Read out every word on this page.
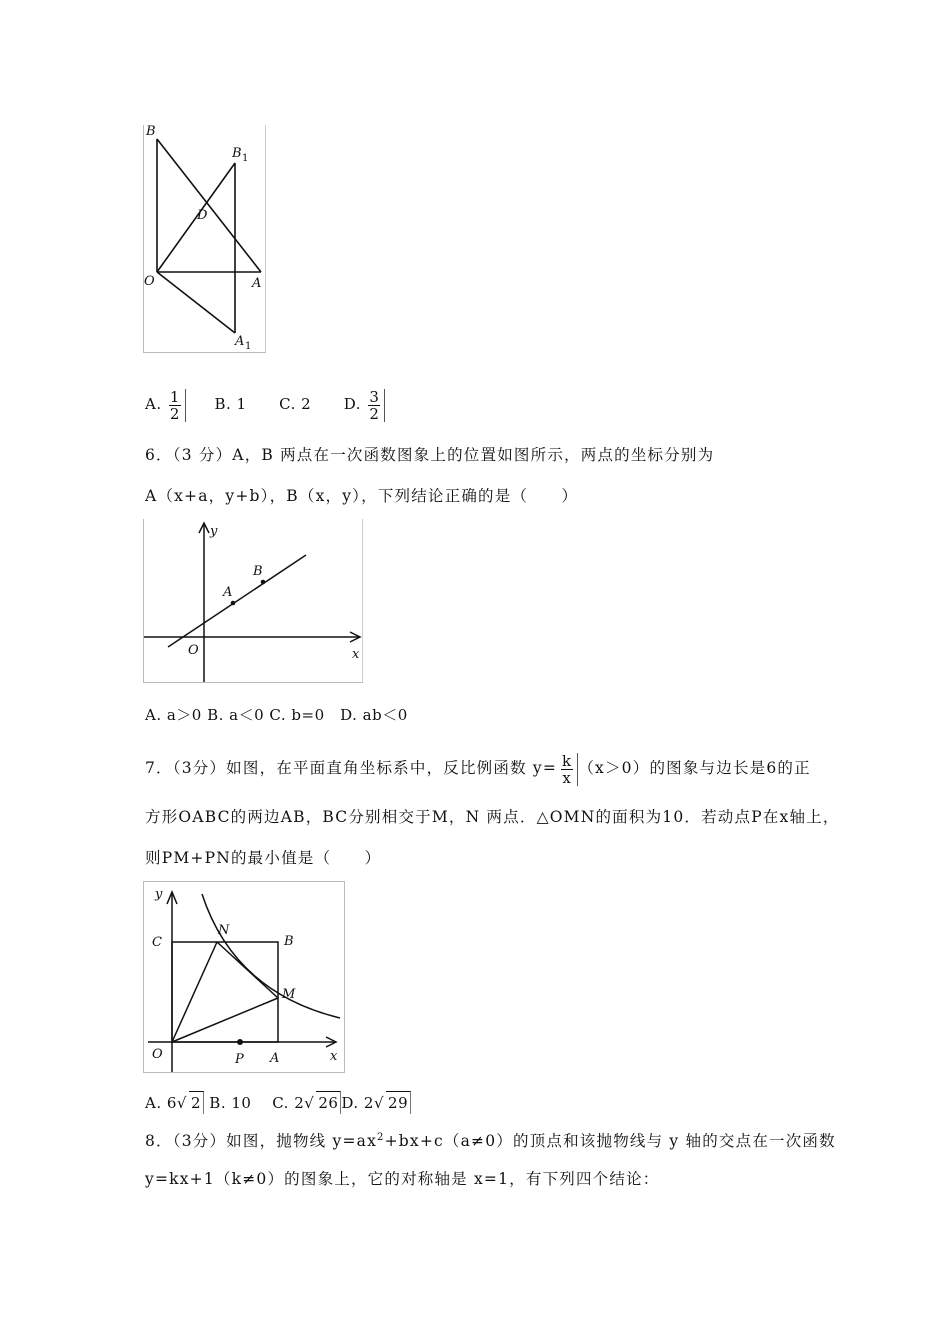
B
B 1
D
O	A
A 1
A. $\frac{1}{2} B$. 1 C. 2 D. $\frac{3}{2}$
6．（3 分）A，B 两点在一次函数图象上的位置如图所示，两点的坐标分别为
A（x+a，y+b），B（x，y），下列结论正确的是（　　）
y
x
O
A
B
A. a＞0 B. a＜0 C. b=0　D. ab＜0
7．（3分）如图，在平面直角坐标系中，反比例函数 $y= \frac{k}{x} (x>0)$的图象与边长是6的正
方形OABC的两边AB，BC分别相交于M，N 两点．△OMN的面积为10．若动点P在x轴上，
则PM+PN的最小值是（　　）
y
x
O	A
B
C
N
M
P
A. 6√ 2 B. 10　 C. 2√ 26 D. 2√ 29
8．（3分）如图，抛物线 $y=ax^2+bx+c(a\ne 0)$的顶点和该抛物线与 y 轴的交点在一次函数
y=kx+1（k≠0）的图象上，它的对称轴是 x=1，有下列四个结论：
